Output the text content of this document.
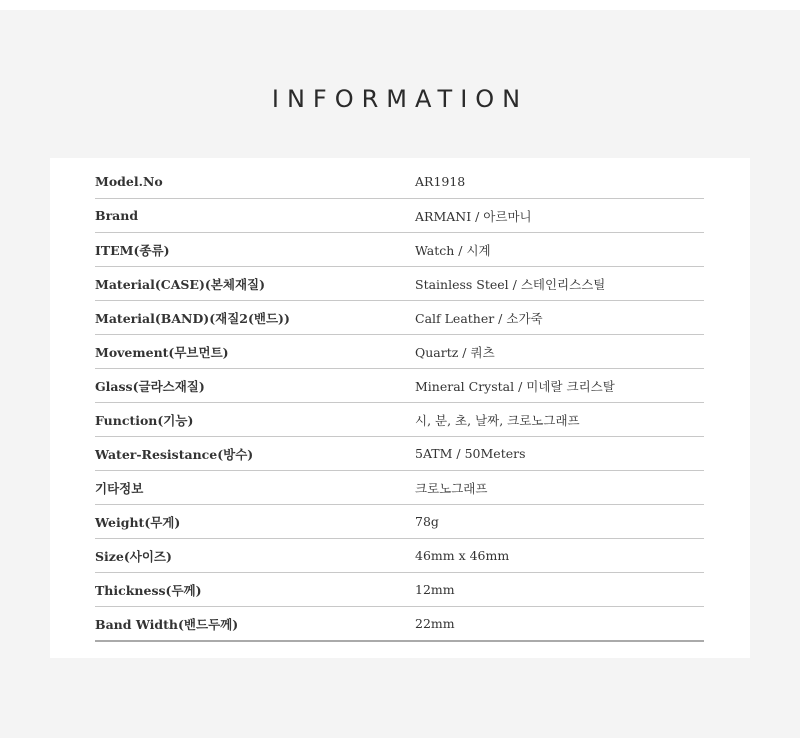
INFORMATION
Model.No	AR1918
Brand	ARMANI / 아르마니
ITEM(종류)	Watch / 시계
Material(CASE)(본체재질)	Stainless Steel / 스테인리스스틸
Material(BAND)(재질2(밴드))	Calf Leather / 소가죽
Movement(무브먼트)	Quartz / 쿼츠
Glass(글라스재질)	Mineral Crystal / 미네랄 크리스탈
Function(기능)	시, 분, 초, 날짜, 크로노그래프
Water-Resistance(방수)	5ATM / 50Meters
기타정보	크로노그래프
Weight(무게)	78g
Size(사이즈)	46mm x 46mm
Thickness(두께)	12mm
Band Width(밴드두께)	22mm
